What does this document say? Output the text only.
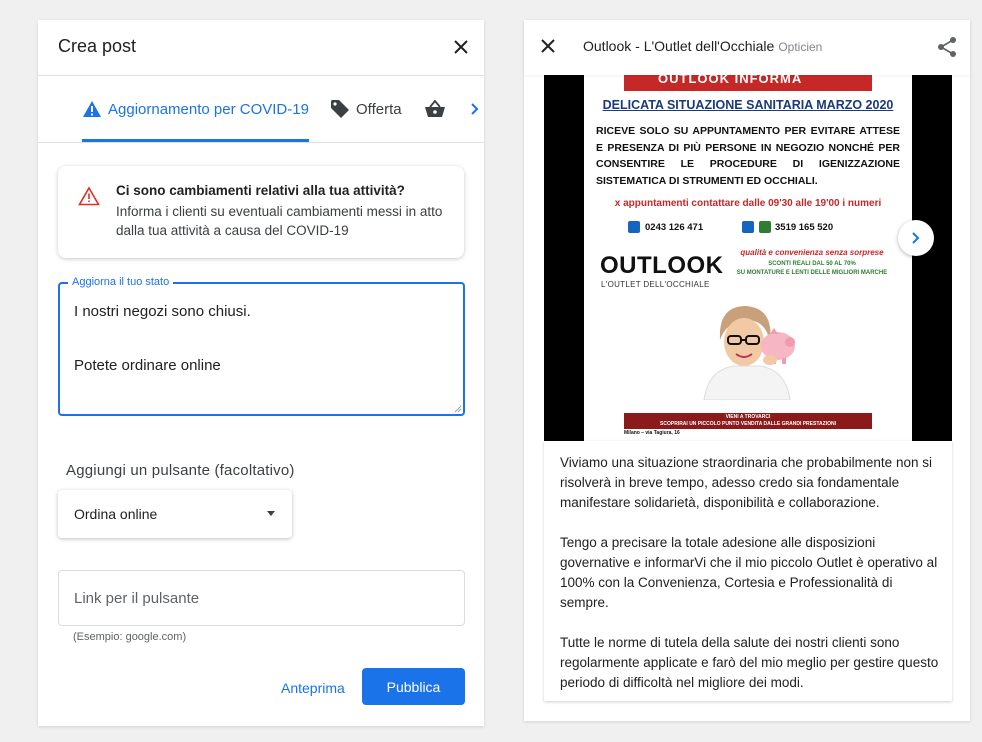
Crea post
Aggiornamento per COVID-19	Offerta
Ci sono cambiamenti relativi alla tua attività?
Informa i clienti su eventuali cambiamenti messi in atto dalla tua attività a causa del COVID-19
Aggiorna il tuo stato
I nostri negozi sono chiusi.

Potete ordinare online
Aggiungi un pulsante (facoltativo)
Ordina online
Link per il pulsante
(Esempio: google.com)
Anteprima	Pubblica
Outlook - L'Outlet dell'Occhiale Opticien
OUTLOOK INFORMA
DELICATA SITUAZIONE SANITARIA MARZO 2020
RICEVE SOLO SU APPUNTAMENTO PER EVITARE ATTESE E PRESENZA DI PIÙ PERSONE IN NEGOZIO NONCHÉ PER CONSENTIRE LE PROCEDURE DI IGENIZZAZIONE SISTEMATICA DI STRUMENTI ED OCCHIALI.
x appuntamenti contattare dalle 09'30 alle 19'00 i numeri
0243 126 471	3519 165 520
OUTLOOK
L'OUTLET DELL'OCCHIALE
qualità e convenienza senza sorprese
SCONTI REALI DAL 50 AL 70%
SU MONTATURE E LENTI DELLE MIGLIORI MARCHE
VIENI A TROVARCI
SCOPRIRAI UN PICCOLO PUNTO VENDITA DALLE GRANDI PRESTAZIONI
Milano – via Tagiura, 16

Viviamo una situazione straordinaria che probabilmente non si risolverà in breve tempo, adesso credo sia fondamentale manifestare solidarietà, disponibilità e collaborazione.

Tengo a precisare la totale adesione alle disposizioni governative e informarVi che il mio piccolo Outlet è operativo al 100% con la Convenienza, Cortesia e Professionalità di sempre.

Tutte le norme di tutela della salute dei nostri clienti sono regolarmente applicate e farò del mio meglio per gestire questo periodo di difficoltà nel migliore dei modi.
